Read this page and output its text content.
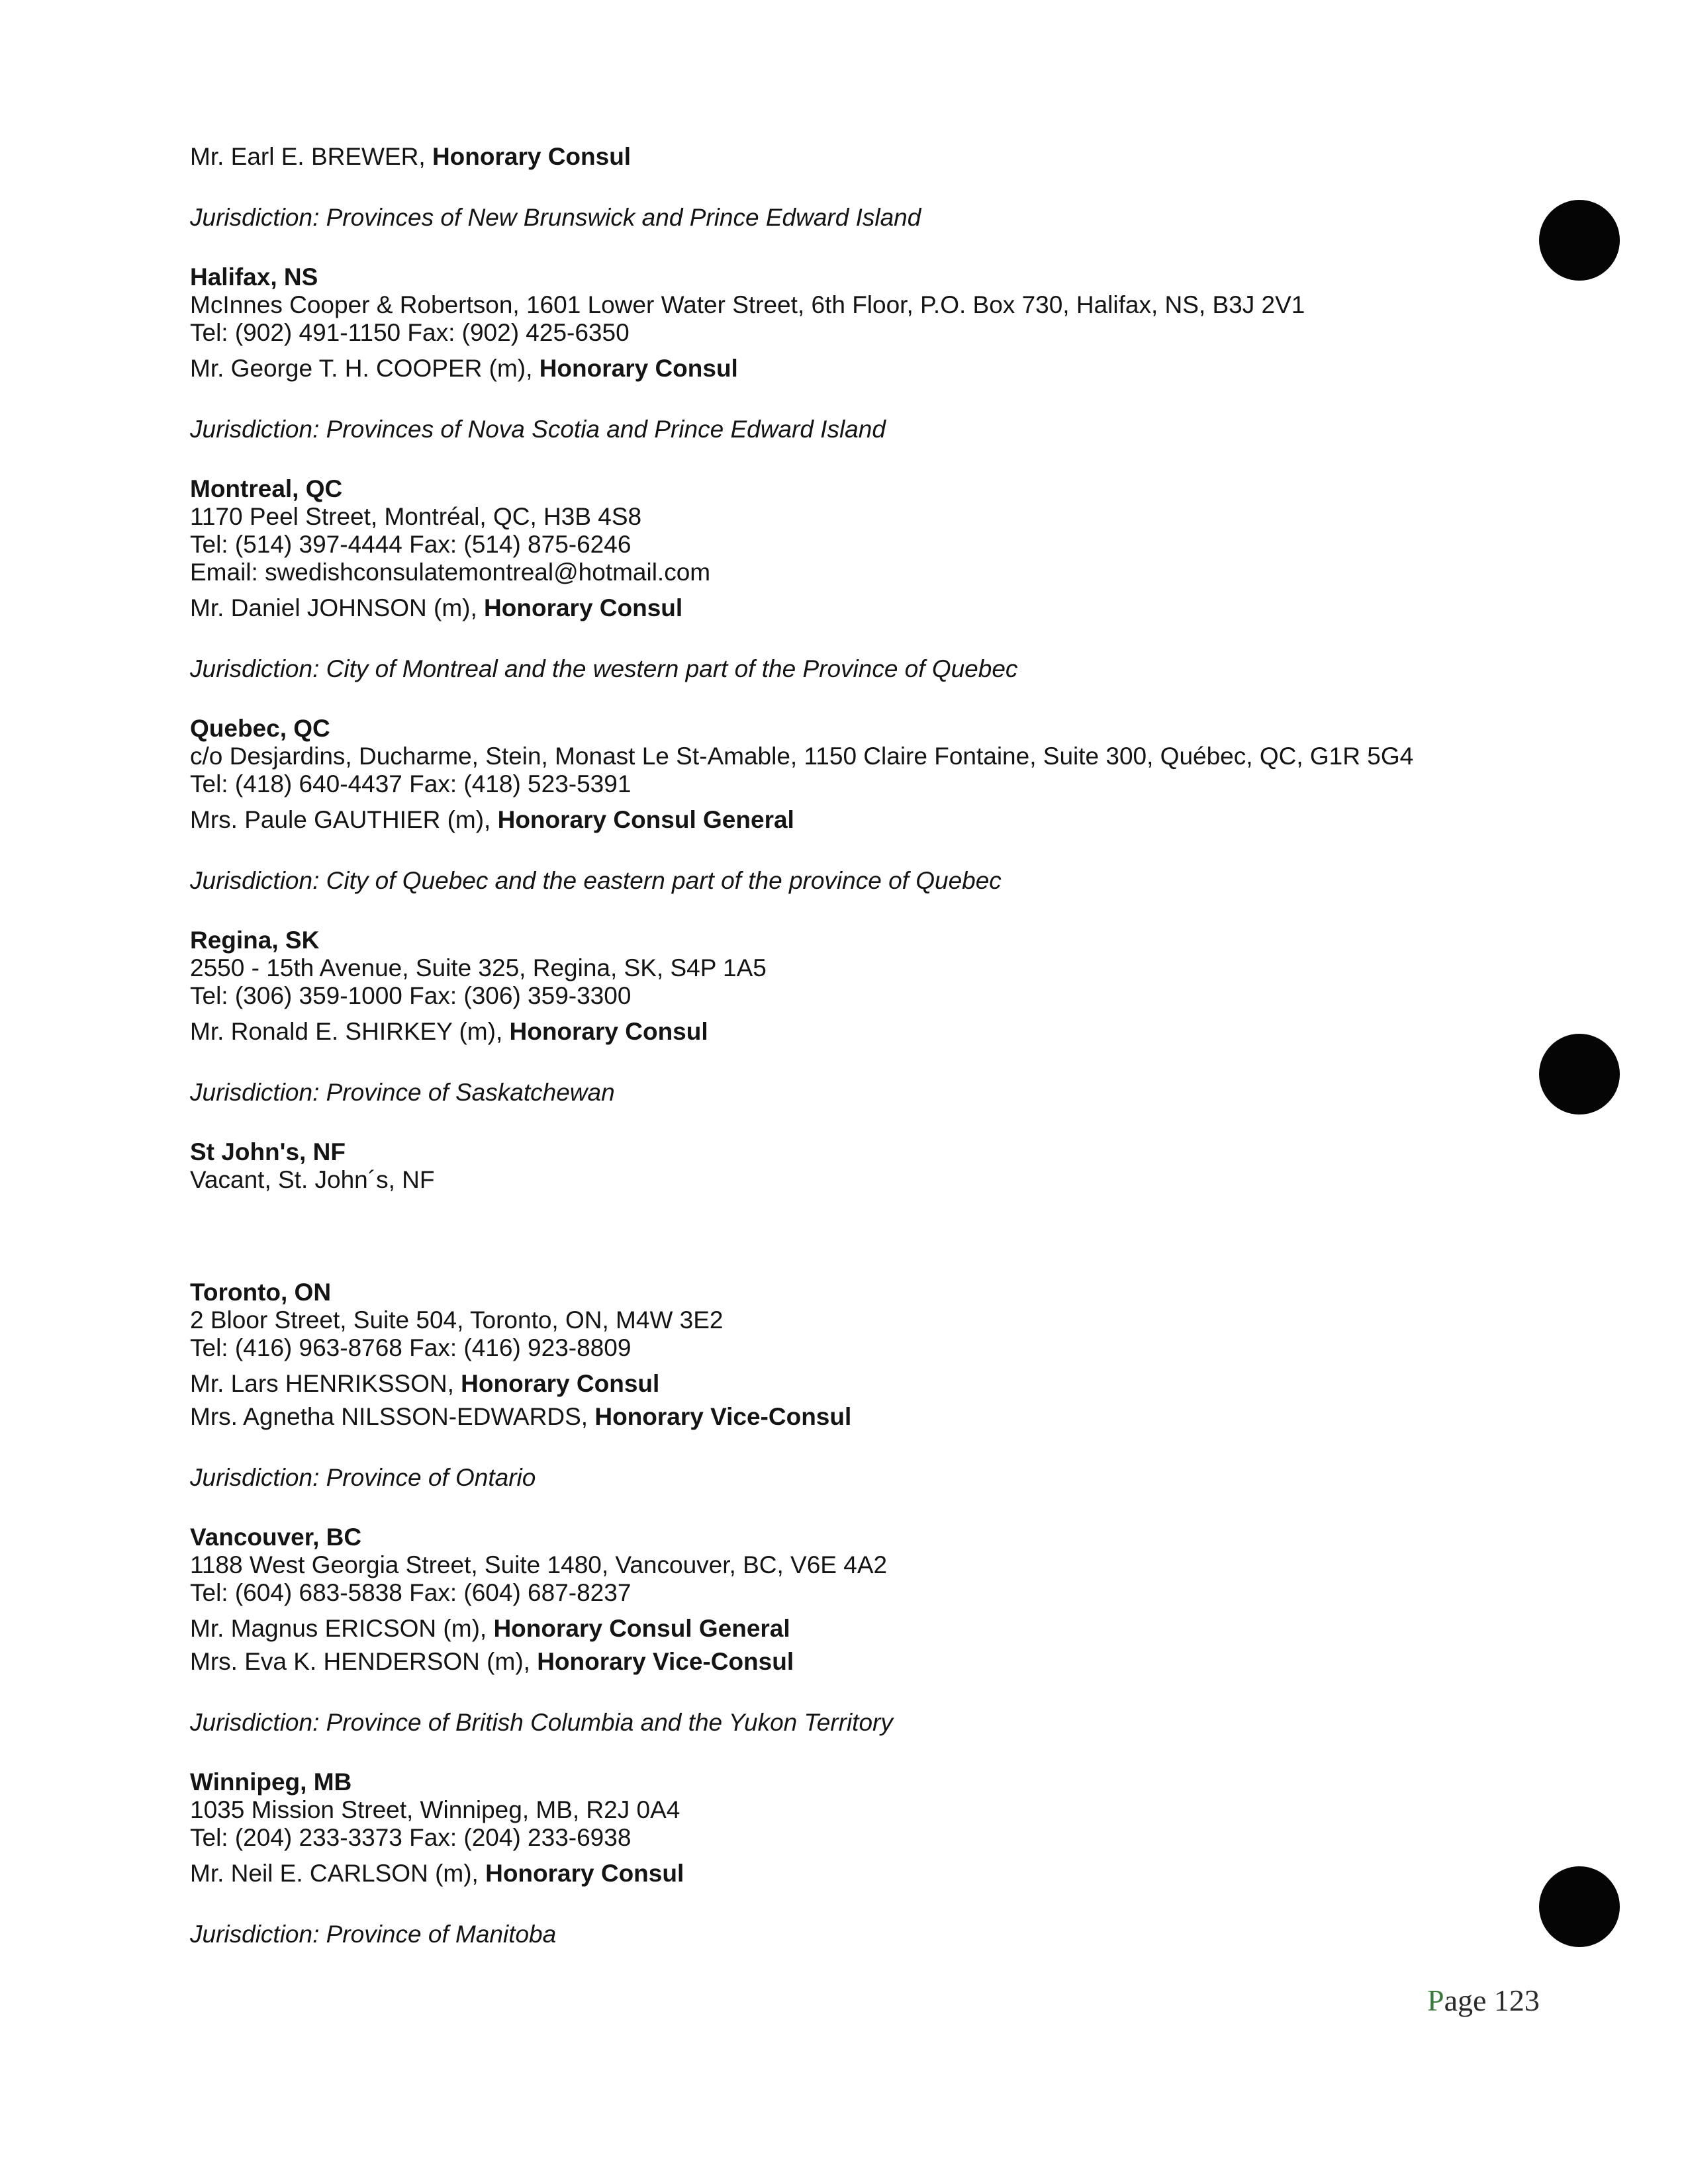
Mr. Earl E. BREWER, Honorary Consul
Jurisdiction: Provinces of New Brunswick and Prince Edward Island
Halifax, NS
McInnes Cooper & Robertson, 1601 Lower Water Street, 6th Floor, P.O. Box 730, Halifax, NS, B3J 2V1
Tel: (902) 491-1150 Fax: (902) 425-6350
Mr. George T. H. COOPER (m), Honorary Consul
Jurisdiction: Provinces of Nova Scotia and Prince Edward Island
Montreal, QC
1170 Peel Street, Montréal, QC, H3B 4S8
Tel: (514) 397-4444 Fax: (514) 875-6246
Email: swedishconsulatemontreal@hotmail.com
Mr. Daniel JOHNSON (m), Honorary Consul
Jurisdiction: City of Montreal and the western part of the Province of Quebec
Quebec, QC
c/o Desjardins, Ducharme, Stein, Monast Le St-Amable, 1150 Claire Fontaine, Suite 300, Québec, QC, G1R 5G4
Tel: (418) 640-4437 Fax: (418) 523-5391
Mrs. Paule GAUTHIER (m), Honorary Consul General
Jurisdiction: City of Quebec and the eastern part of the province of Quebec
Regina, SK
2550 - 15th Avenue, Suite 325, Regina, SK, S4P 1A5
Tel: (306) 359-1000 Fax: (306) 359-3300
Mr. Ronald E. SHIRKEY (m), Honorary Consul
Jurisdiction: Province of Saskatchewan
St John's, NF
Vacant, St. John´s, NF
Toronto, ON
2 Bloor Street, Suite 504, Toronto, ON, M4W 3E2
Tel: (416) 963-8768 Fax: (416) 923-8809
Mr. Lars HENRIKSSON, Honorary Consul
Mrs. Agnetha NILSSON-EDWARDS, Honorary Vice-Consul
Jurisdiction: Province of Ontario
Vancouver, BC
1188 West Georgia Street, Suite 1480, Vancouver, BC, V6E 4A2
Tel: (604) 683-5838 Fax: (604) 687-8237
Mr. Magnus ERICSON (m), Honorary Consul General
Mrs. Eva K. HENDERSON (m), Honorary Vice-Consul
Jurisdiction: Province of British Columbia and the Yukon Territory
Winnipeg, MB
1035 Mission Street, Winnipeg, MB, R2J 0A4
Tel: (204) 233-3373 Fax: (204) 233-6938
Mr. Neil E. CARLSON (m), Honorary Consul
Jurisdiction: Province of Manitoba
Page 123
